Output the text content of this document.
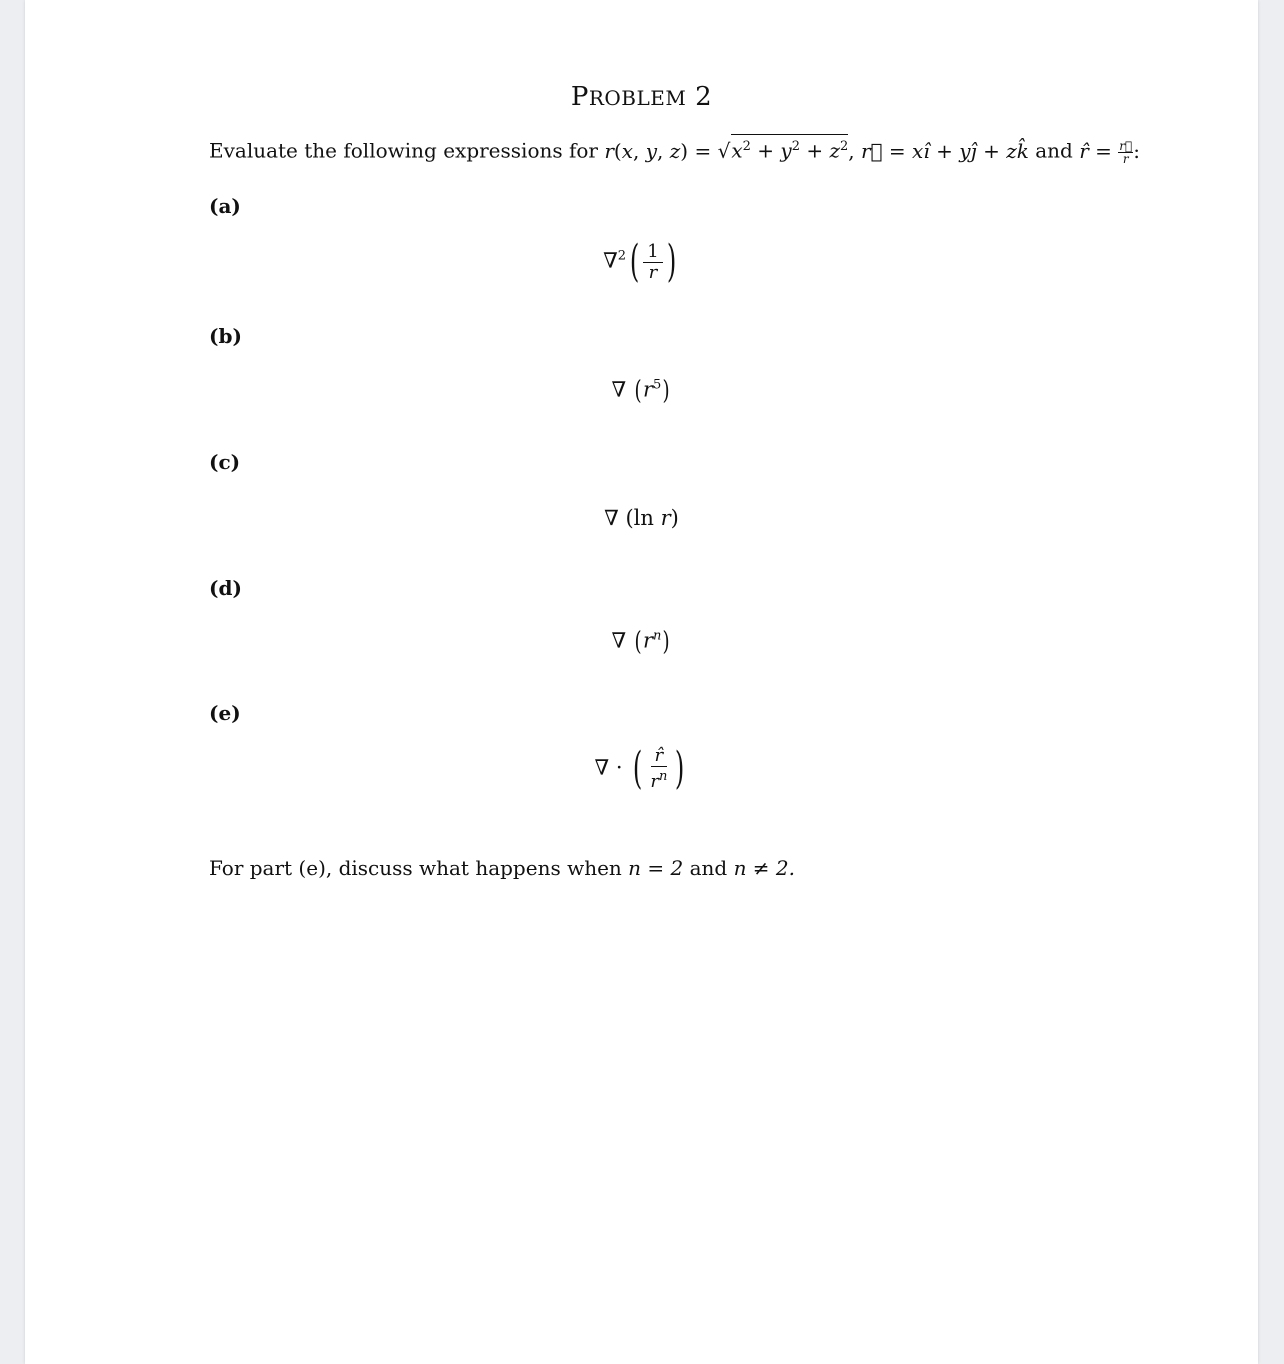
PROBLEM 2
Evaluate the following expressions for r(x, y, $z) = √x^2 + y^2 + z^2$, r⃗ = xî + yĵ + zk̂ and r̂ = $\frac{r⃗}{r}$ :
(a)
$\nabla^2( \frac{1}{r}$ )
(b)
∇ $(r^5)$
(c)
∇ (ln r)
(d)
∇ $(r^n)$
(e)
∇ · ( $\frac{r̂}{r^n}$ )
For part (e), discuss what happens when n = 2 and n ≠ 2.
